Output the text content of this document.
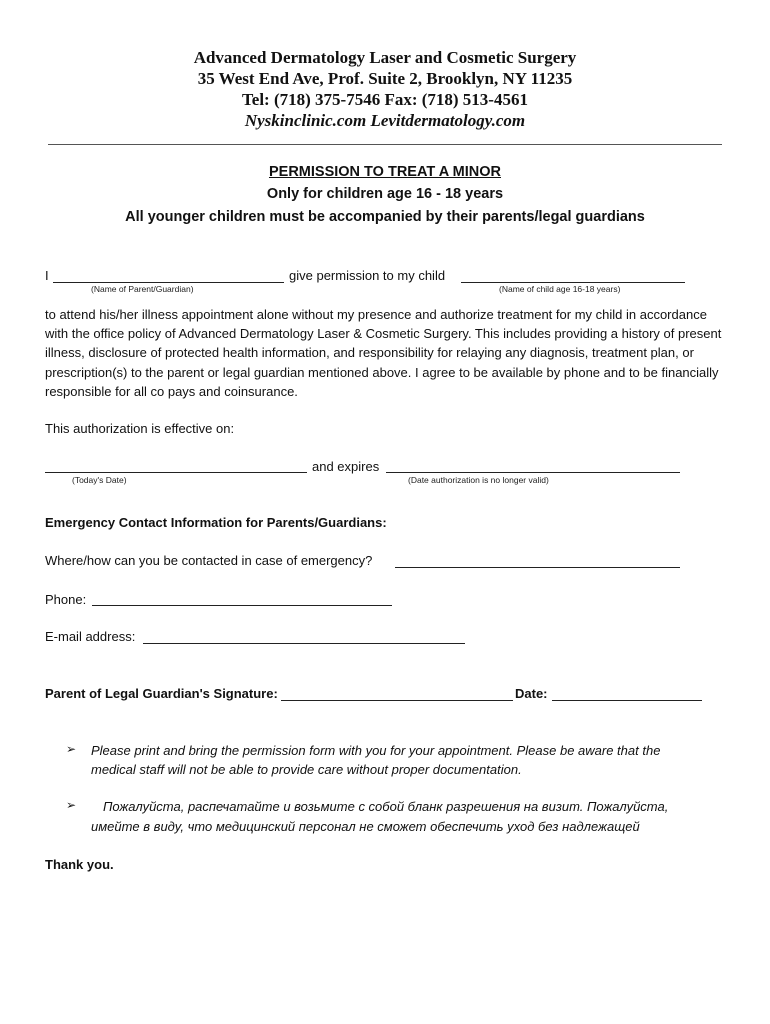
Advanced Dermatology Laser and Cosmetic Surgery
35 West End Ave, Prof. Suite 2, Brooklyn, NY 11235
Tel: (718) 375-7546 Fax: (718) 513-4561
Nyskinclinic.com Levitdermatology.com
PERMISSION TO TREAT A MINOR
Only for children age 16 - 18 years
All younger children must be accompanied by their parents/legal guardians
I	give permission to my child
(Name of Parent/Guardian)	(Name of child age 16-18 years)
to attend his/her illness appointment alone without my presence and authorize treatment for my child in accordance with the office policy of Advanced Dermatology Laser & Cosmetic Surgery. This includes providing a history of present illness, disclosure of protected health information, and responsibility for relaying any diagnosis, treatment plan, or prescription(s) to the parent or legal guardian mentioned above. I agree to be available by phone and to be financially responsible for all co pays and coinsurance.
This authorization is effective on:
and expires
(Today's Date)	(Date authorization is no longer valid)
Emergency Contact Information for Parents/Guardians:
Where/how can you be contacted in case of emergency?
Phone:
E-mail address:
Parent of Legal Guardian's Signature:	Date:
➢ Please print and bring the permission form with you for your appointment. Please be aware that the
medical staff will not be able to provide care without proper documentation.
➢ Пожалуйста, распечатайте и возьмите с собой бланк разрешения на визит. Пожалуйста,
имейте в виду, что медицинский персонал не сможет обеспечить уход без надлежащей
Thank you.
